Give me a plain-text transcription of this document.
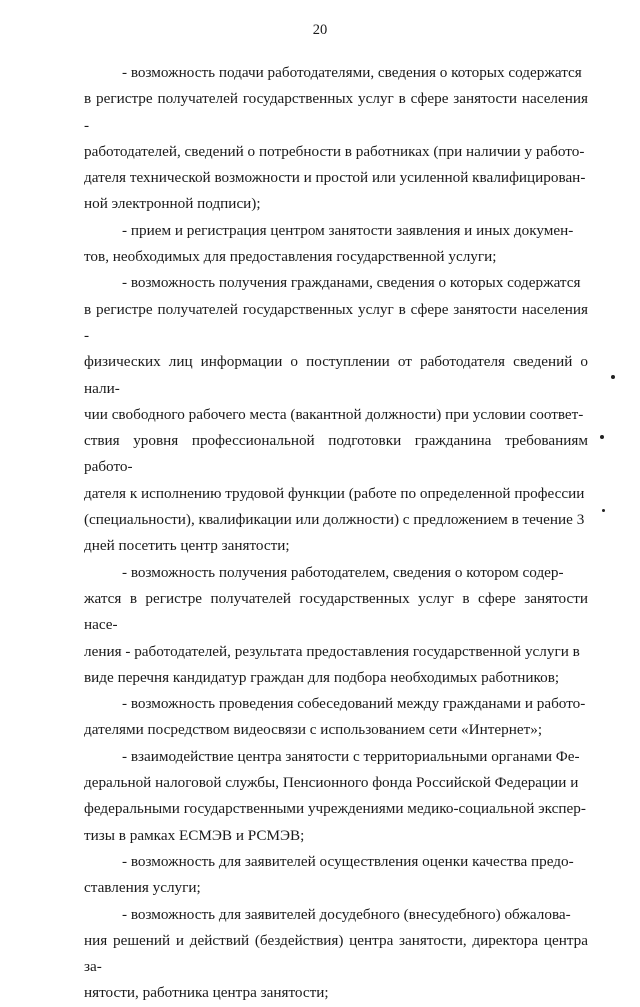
20

- возможность подачи работодателями, сведения о которых содержатся
в регистре получателей государственных услуг в сфере занятости населения -
работодателей, сведений о потребности в работниках (при наличии у работо-
дателя технической возможности и простой или усиленной квалифицирован-
ной электронной подписи);

- прием и регистрация центром занятости заявления и иных докумен-
тов, необходимых для предоставления государственной услуги;

- возможность получения гражданами, сведения о которых содержатся
в регистре получателей государственных услуг в сфере занятости населения -
физических лиц информации о поступлении от работодателя сведений о нали-
чии свободного рабочего места (вакантной должности) при условии соответ-
ствия уровня профессиональной подготовки гражданина требованиям работо-
дателя к исполнению трудовой функции (работе по определенной профессии
(специальности), квалификации или должности) с предложением в течение 3
дней посетить центр занятости;

- возможность получения работодателем, сведения о котором содер-
жатся в регистре получателей государственных услуг в сфере занятости насе-
ления - работодателей, результата предоставления государственной услуги в
виде перечня кандидатур граждан для подбора необходимых работников;

- возможность проведения собеседований между гражданами и работо-
дателями посредством видеосвязи с использованием сети «Интернет»;

- взаимодействие центра занятости с территориальными органами Фе-
деральной налоговой службы, Пенсионного фонда Российской Федерации и
федеральными государственными учреждениями медико-социальной экспер-
тизы в рамках ЕСМЭВ и РСМЭВ;

- возможность для заявителей осуществления оценки качества предо-
ставления услуги;

- возможность для заявителей досудебного (внесудебного) обжалова-
ния решений и действий (бездействия) центра занятости, директора центра за-
нятости, работника центра занятости;
